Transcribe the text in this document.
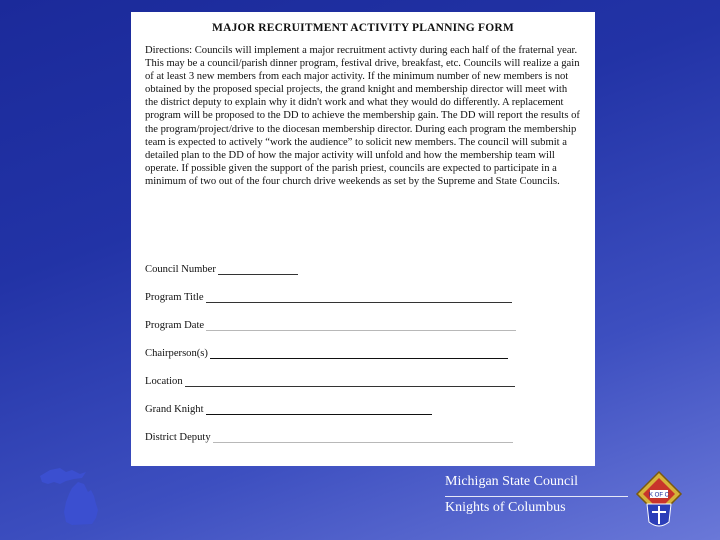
MAJOR RECRUITMENT ACTIVITY PLANNING FORM

Directions: Councils will implement a major recruitment activty during each half of the fraternal year. This may be a council/parish dinner program, festival drive, breakfast, etc. Councils will realize a gain of at least 3 new members from each major activity. If the minimum number of new members is not obtained by the proposed special projects, the grand knight and membership director will meet with the district deputy to explain why it didn't work and what they would do differently. A replacement program will be proposed to the DD to achieve the membership gain. The DD will report the results of the program/project/drive to the diocesan membership director. During each program the membership team is expected to actively “work the audience” to solicit new members. The council will submit a detailed plan to the DD of how the major activity will unfold and how the membership team will operate. If possible given the support of the parish priest, councils are expected to participate in a minimum of two out of the four church drive weekends as set by the Supreme and State Councils.

Council Number
Program Title
Program Date
Chairperson(s)
Location
Grand Knight
District Deputy
Michigan State Council
Knights of Columbus
K OF C
